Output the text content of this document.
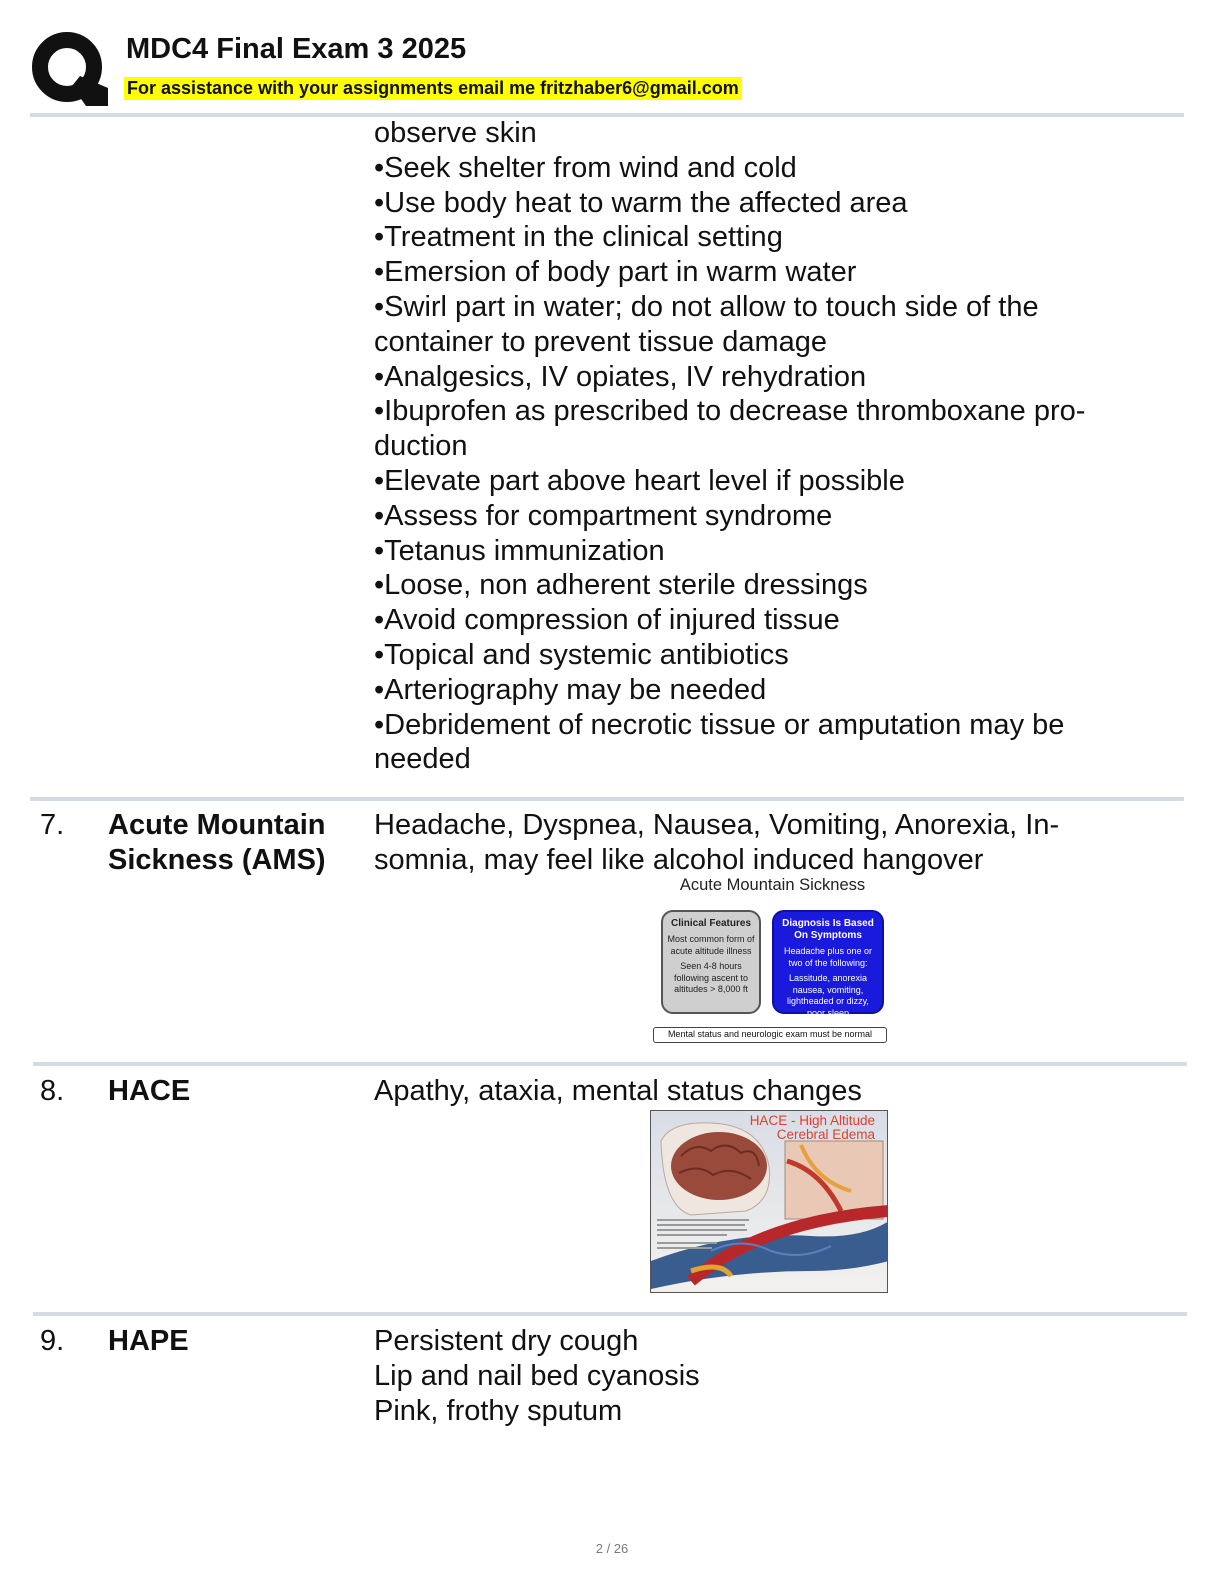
MDC4 Final Exam 3 2025
For assistance with your assignments email me fritzhaber6@gmail.com
observe skin
•Seek shelter from wind and cold
•Use body heat to warm the affected area
•Treatment in the clinical setting
•Emersion of body part in warm water
•Swirl part in water; do not allow to touch side of the
container to prevent tissue damage
•Analgesics, IV opiates, IV rehydration
•Ibuprofen as prescribed to decrease thromboxane pro-
duction
•Elevate part above heart level if possible
•Assess for compartment syndrome
•Tetanus immunization
•Loose, non adherent sterile dressings
•Avoid compression of injured tissue
•Topical and systemic antibiotics
•Arteriography may be needed
•Debridement of necrotic tissue or amputation may be
needed
7. Acute Mountain
Sickness (AMS)
Headache, Dyspnea, Nausea, Vomiting, Anorexia, In-
somnia, may feel like alcohol induced hangover
Acute Mountain Sickness
Clinical Features

Most common form of acute altitude illness

Seen 4-8 hours following ascent to altitudes > 8,000 ft

Diagnosis Is Based On Symptoms

Headache plus one or two of the following:

Lassitude, anorexia nausea, vomiting, lightheaded or dizzy, poor sleep

Mental status and neurologic exam must be normal
8. HACE	Apathy, ataxia, mental status changes
HACE - High Altitude
Cerebral Edema
9. HAPE	Persistent dry cough
Lip and nail bed cyanosis
Pink, frothy sputum
2 / 26
